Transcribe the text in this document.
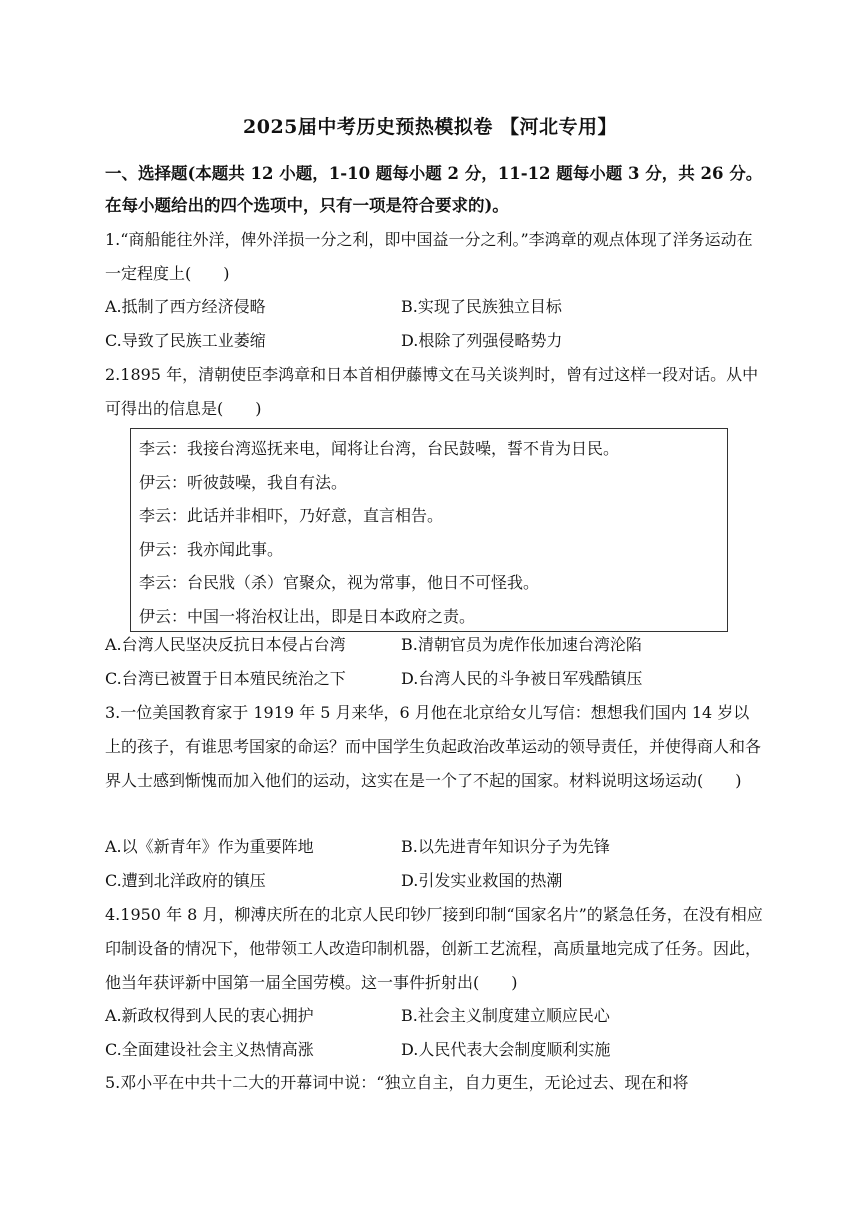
2025届中考历史预热模拟卷 【河北专用】
一、选择题(本题共 12 小题，1-10 题每小题 2 分，11-12 题每小题 3 分，共 26 分。在每小题给出的四个选项中，只有一项是符合要求的)。
1.“商船能往外洋，俾外洋损一分之利，即中国益一分之利。”李鸿章的观点体现了洋务运动在一定程度上(　　)
A.抵制了西方经济侵略	B.实现了民族独立目标
C.导致了民族工业萎缩	D.根除了列强侵略势力
2.1895 年，清朝使臣李鸿章和日本首相伊藤博文在马关谈判时，曾有过这样一段对话。从中可得出的信息是(　　)
李云：我接台湾巡抚来电，闻将让台湾，台民鼓噪，誓不肯为日民。
伊云：听彼鼓噪，我自有法。
李云：此话并非相吓，乃好意，直言相告。
伊云：我亦闻此事。
李云：台民戕（杀）官聚众，视为常事，他日不可怪我。
伊云：中国一将治权让出，即是日本政府之责。
A.台湾人民坚决反抗日本侵占台湾	B.清朝官员为虎作伥加速台湾沦陷
C.台湾已被置于日本殖民统治之下	D.台湾人民的斗争被日军残酷镇压
3.一位美国教育家于 1919 年 5 月来华，6 月他在北京给女儿写信：想想我们国内 14 岁以上的孩子，有谁思考国家的命运？而中国学生负起政治改革运动的领导责任，并使得商人和各界人士感到惭愧而加入他们的运动，这实在是一个了不起的国家。材料说明这场运动(　　)
A.以《新青年》作为重要阵地	B.以先进青年知识分子为先锋
C.遭到北洋政府的镇压	D.引发实业救国的热潮
4.1950 年 8 月，柳溥庆所在的北京人民印钞厂接到印制“国家名片”的紧急任务，在没有相应印制设备的情况下，他带领工人改造印制机器，创新工艺流程，高质量地完成了任务。因此，他当年获评新中国第一届全国劳模。这一事件折射出(　　)
A.新政权得到人民的衷心拥护	B.社会主义制度建立顺应民心
C.全面建设社会主义热情高涨	D.人民代表大会制度顺利实施
5.邓小平在中共十二大的开幕词中说：“独立自主，自力更生，无论过去、现在和将
